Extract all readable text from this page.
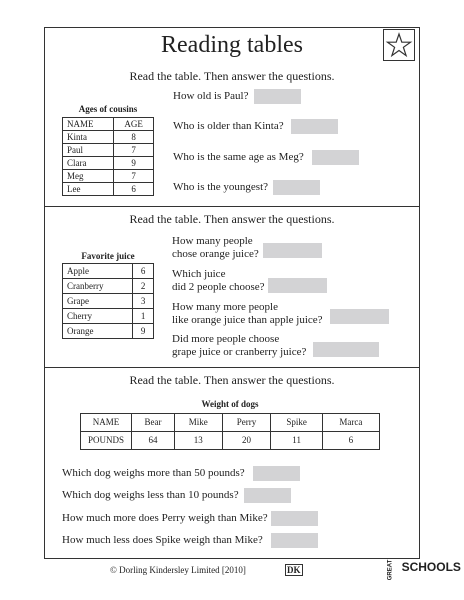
Reading tables
Read the table. Then answer the questions.
Ages of cousins
NAME	AGE
Kinta	8
Paul	7
Clara	9
Meg	7
Lee	6
How old is Paul?
Who is older than Kinta?
Who is the same age as Meg?
Who is the youngest?
Read the table. Then answer the questions.
Favorite juice
Apple	6
Cranberry	2
Grape	3
Cherry	1
Orange	9
How many people
chose orange juice?
Which juice
did 2 people choose?
How many more people
like orange juice than apple juice?
Did more people choose
grape juice or cranberry juice?
Read the table. Then answer the questions.
Weight of dogs
NAME	Bear	Mike	Perry	Spike	Marca
POUNDS	64	13	20	11	6
Which dog weighs more than 50 pounds?
Which dog weighs less than 10 pounds?
How much more does Perry weigh than Mike?
How much less does Spike weigh than Mike?
© Dorling Kindersley Limited [2010]	DK	GREAT SCHOOLS
